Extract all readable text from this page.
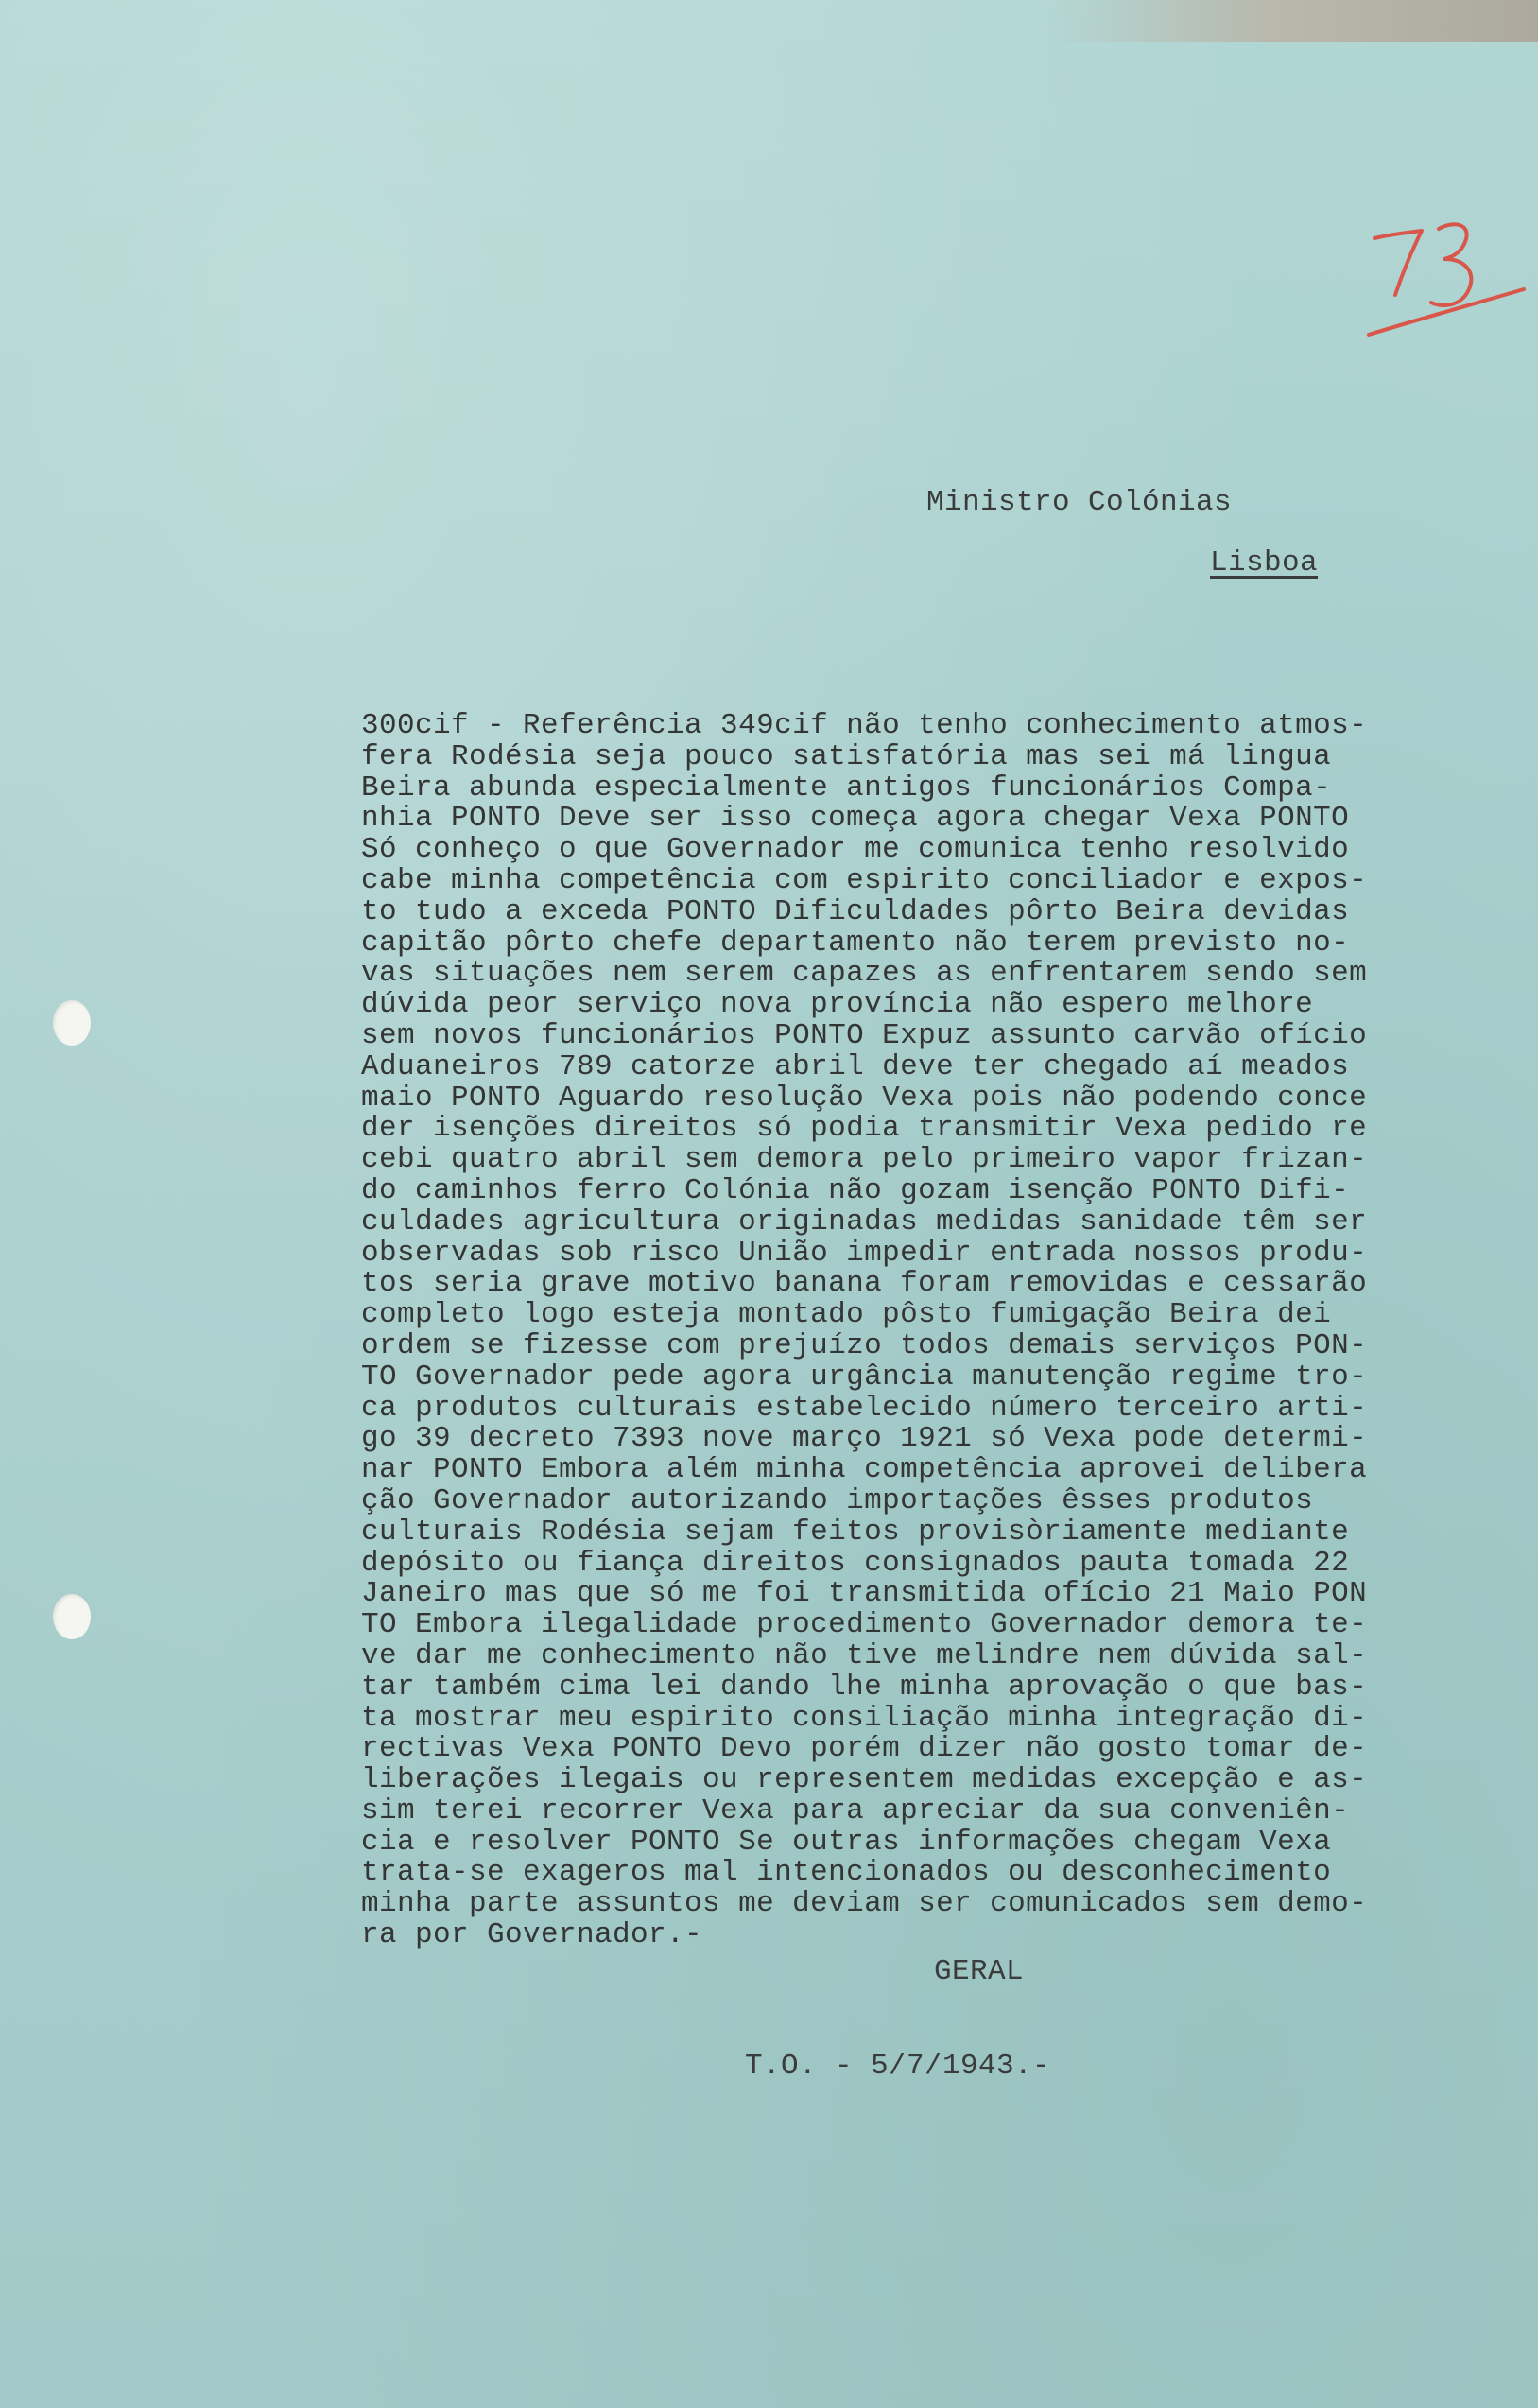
Ministro Colónias
Lisboa
300cif - Referência 349cif não tenho conhecimento atmos-
fera Rodésia seja pouco satisfatória mas sei má lingua
Beira abunda especialmente antigos funcionários Compa-
nhia PONTO Deve ser isso começa agora chegar Vexa PONTO
Só conheço o que Governador me comunica tenho resolvido
cabe minha competência com espirito conciliador e expos-
to tudo a exceda PONTO Dificuldades pôrto Beira devidas
capitão pôrto chefe departamento não terem previsto no-
vas situações nem serem capazes as enfrentarem sendo sem
dúvida peor serviço nova província não espero melhore
sem novos funcionários PONTO Expuz assunto carvão ofício
Aduaneiros 789 catorze abril deve ter chegado aí meados
maio PONTO Aguardo resolução Vexa pois não podendo conce
der isenções direitos só podia transmitir Vexa pedido re
cebi quatro abril sem demora pelo primeiro vapor frizan-
do caminhos ferro Colónia não gozam isenção PONTO Difi-
culdades agricultura originadas medidas sanidade têm ser
observadas sob risco União impedir entrada nossos produ-
tos seria grave motivo banana foram removidas e cessarão
completo logo esteja montado pôsto fumigação Beira dei
ordem se fizesse com prejuízo todos demais serviços PON-
TO Governador pede agora urgância manutenção regime tro-
ca produtos culturais estabelecido número terceiro arti-
go 39 decreto 7393 nove março 1921 só Vexa pode determi-
nar PONTO Embora além minha competência aprovei delibera
ção Governador autorizando importações êsses produtos
culturais Rodésia sejam feitos provisòriamente mediante
depósito ou fiança direitos consignados pauta tomada 22
Janeiro mas que só me foi transmitida ofício 21 Maio PON
TO Embora ilegalidade procedimento Governador demora te-
ve dar me conhecimento não tive melindre nem dúvida sal-
tar também cima lei dando lhe minha aprovação o que bas-
ta mostrar meu espirito consiliação minha integração di-
rectivas Vexa PONTO Devo porém dizer não gosto tomar de-
liberações ilegais ou representem medidas excepção e as-
sim terei recorrer Vexa para apreciar da sua conveniên-
cia e resolver PONTO Se outras informações chegam Vexa
trata-se exageros mal intencionados ou desconhecimento
minha parte assuntos me deviam ser comunicados sem demo-
ra por Governador.-
GERAL
T.O. - 5/7/1943.-
